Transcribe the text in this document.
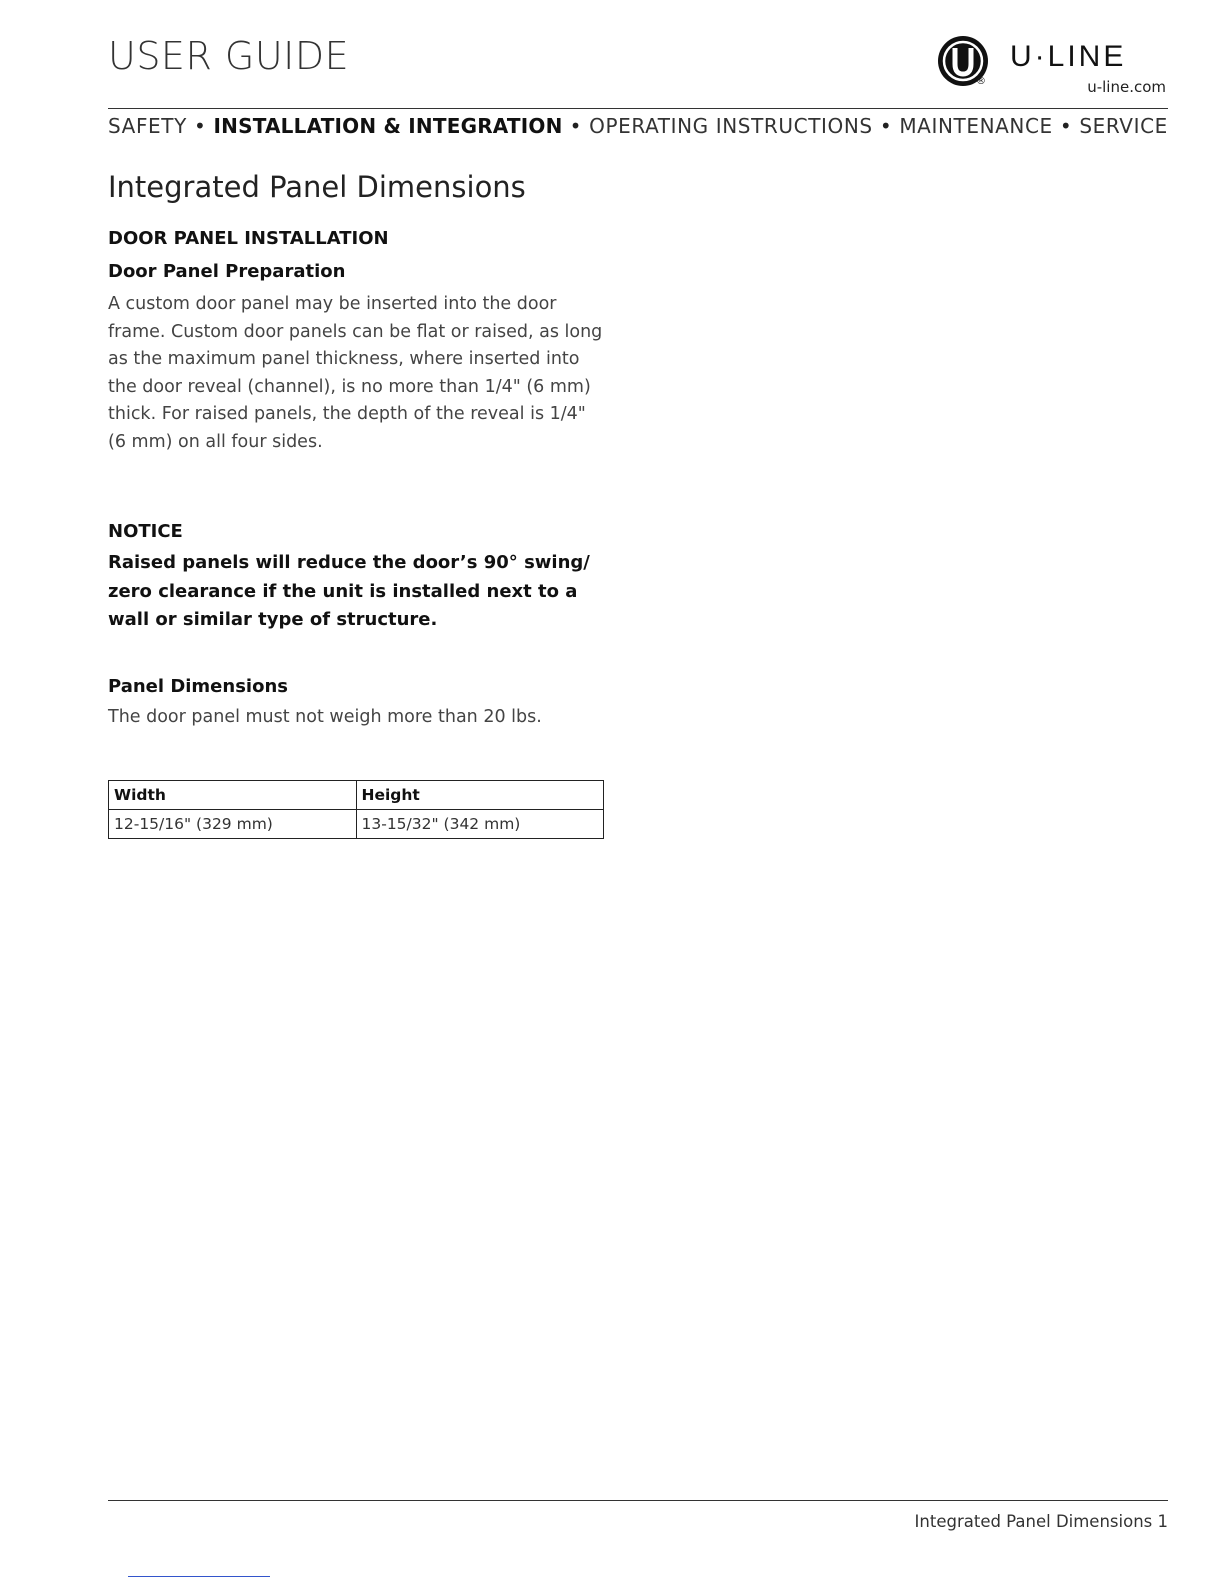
USER GUIDE
®
U·LINE
u-line.com
SAFETY • INSTALLATION & INTEGRATION • OPERATING INSTRUCTIONS • MAINTENANCE • SERVICE
Integrated Panel Dimensions
DOOR PANEL INSTALLATION
Door Panel Preparation
A custom door panel may be inserted into the door frame. Custom door panels can be flat or raised, as long as the maximum panel thickness, where inserted into the door reveal (channel), is no more than 1/4" (6 mm) thick. For raised panels, the depth of the reveal is 1/4" (6 mm) on all four sides.
NOTICE
Raised panels will reduce the door’s 90° swing/ zero clearance if the unit is installed next to a wall or similar type of structure.
Panel Dimensions
The door panel must not weigh more than 20 lbs.
Width	Height
12-15/16" (329 mm)	13-15/32" (342 mm)
Integrated Panel Dimensions 1
